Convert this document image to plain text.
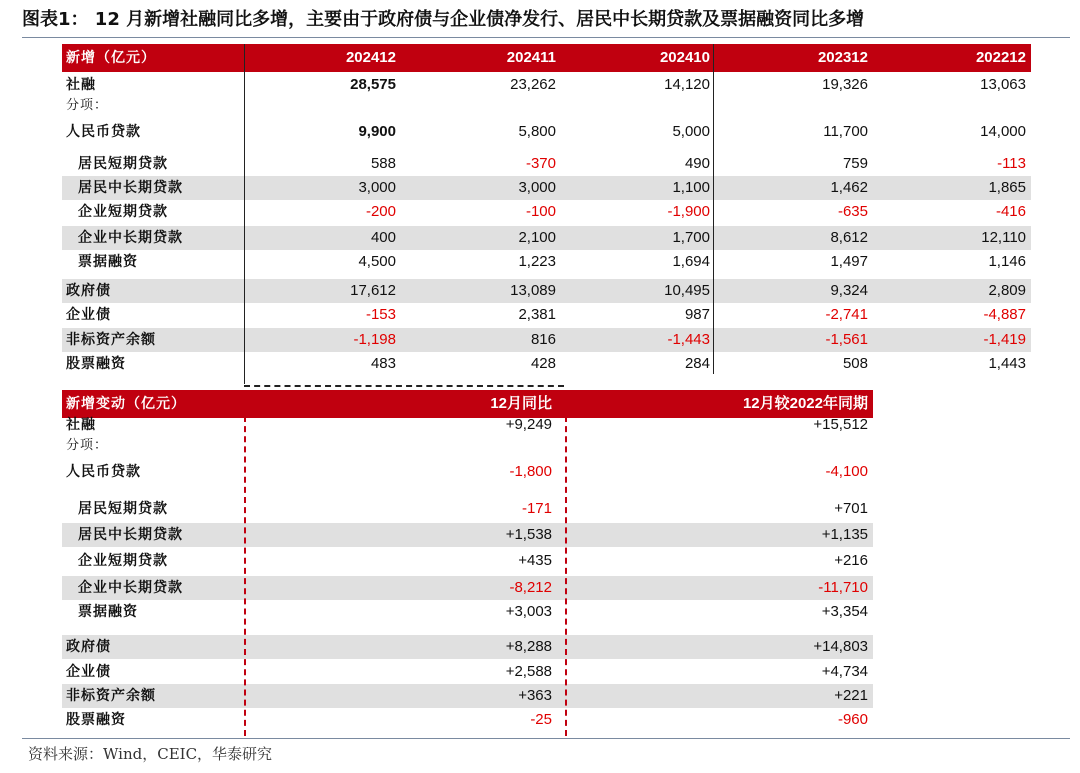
图表1： 12 月新增社融同比多增，主要由于政府债与企业债净发行、居民中长期贷款及票据融资同比多增
新增（亿元）	202412	202411	202410	202312	202212
社融	28,575	23,262	14,120	19,326	13,063
分项：
人民币贷款	9,900	5,800	5,000	11,700	14,000
居民短期贷款	588	-370	490	759	-113
居民中长期贷款	3,000	3,000	1,100	1,462	1,865
企业短期贷款	-200	-100	-1,900	-635	-416
企业中长期贷款	400	2,100	1,700	8,612	12,110
票据融资	4,500	1,223	1,694	1,497	1,146
政府债	17,612	13,089	10,495	9,324	2,809
企业债	-153	2,381	987	-2,741	-4,887
非标资产余额	-1,198	816	-1,443	-1,561	-1,419
股票融资	483	428	284	508	1,443
新增变动（亿元）	12月同比	12月较2022年同期
社融	+9,249	+15,512
分项：
人民币贷款	-1,800	-4,100
居民短期贷款	-171	+701
居民中长期贷款	+1,538	+1,135
企业短期贷款	+435	+216
企业中长期贷款	-8,212	-11,710
票据融资	+3,003	+3,354
政府债	+8,288	+14,803
企业债	+2,588	+4,734
非标资产余额	+363	+221
股票融资	-25	-960
资料来源：Wind，CEIC，华泰研究
